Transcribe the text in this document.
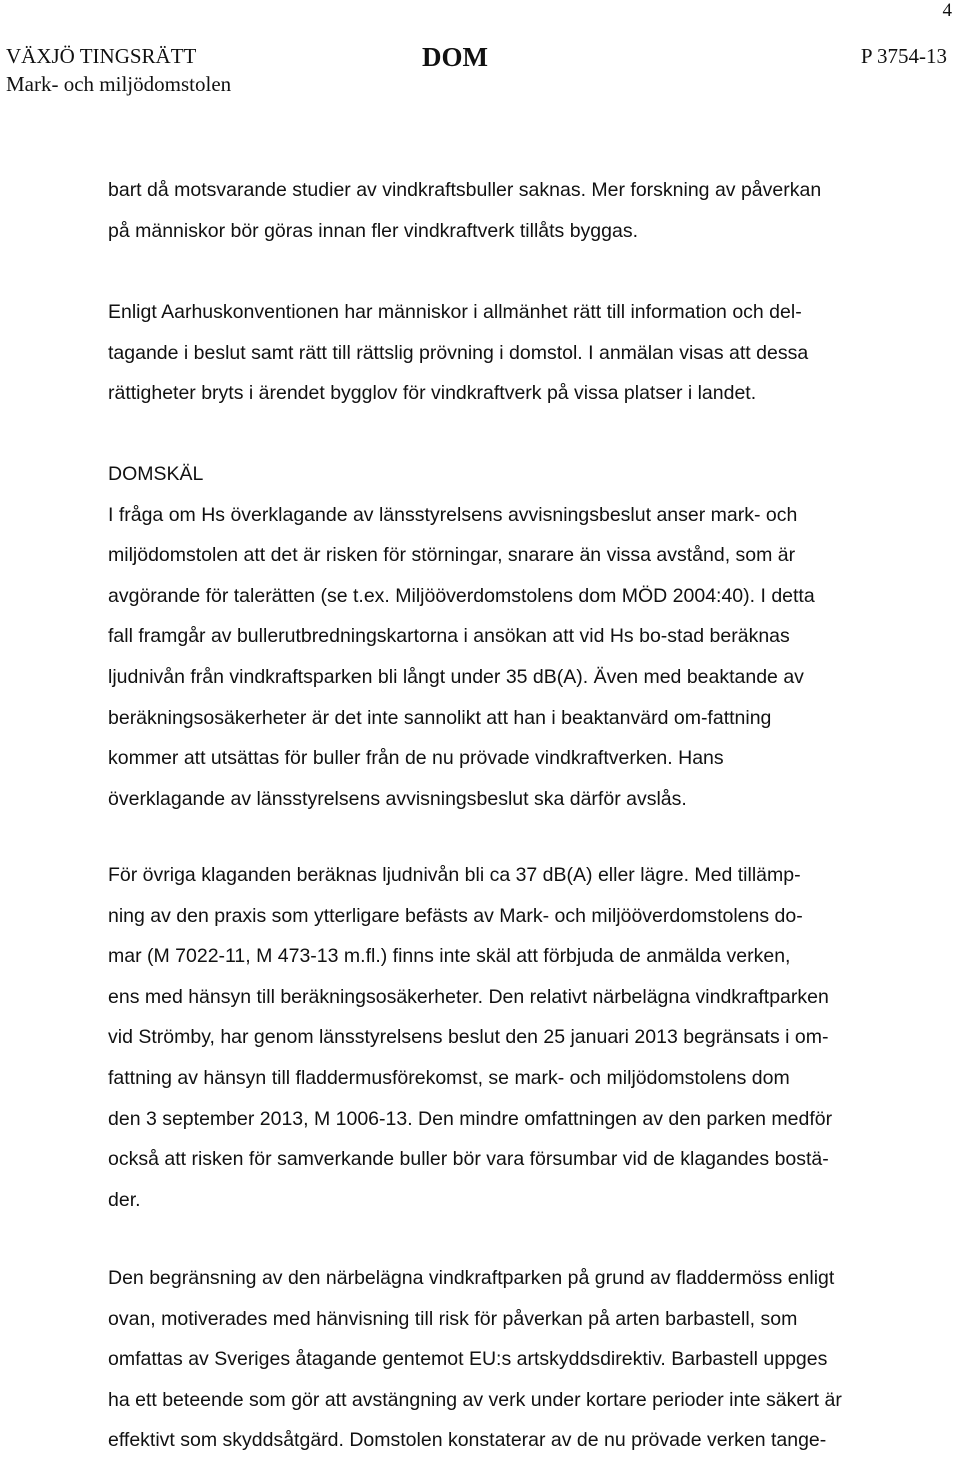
4
VÄXJÖ TINGSRÄTT
Mark- och miljödomstolen
DOM	P 3754-13

bart då motsvarande studier av vindkraftsbuller saknas. Mer forskning av påverkan

på människor bör göras innan fler vindkraftverk tillåts byggas.

Enligt Aarhuskonventionen har människor i allmänhet rätt till information och del-

tagande i beslut samt rätt till rättslig prövning i domstol. I anmälan visas att dessa

rättigheter bryts i ärendet bygglov för vindkraftverk på vissa platser i landet.

DOMSKÄL

I fråga om Hs överklagande av länsstyrelsens avvisningsbeslut anser mark- och

miljödomstolen att det är risken för störningar, snarare än vissa avstånd, som är

avgörande för talerätten (se t.ex. Miljööverdomstolens dom MÖD 2004:40). I detta

fall framgår av bullerutbredningskartorna i ansökan att vid Hs bo-stad beräknas

ljudnivån från vindkraftsparken bli långt under 35 dB(A). Även med beaktande av

beräkningsosäkerheter är det inte sannolikt att han i beaktanvärd om-fattning

kommer att utsättas för buller från de nu prövade vindkraftverken. Hans

överklagande av länsstyrelsens avvisningsbeslut ska därför avslås.

För övriga klaganden beräknas ljudnivån bli ca 37 dB(A) eller lägre. Med tillämp-

ning av den praxis som ytterligare befästs av Mark- och miljööverdomstolens do-

mar (M 7022-11, M 473-13 m.fl.) finns inte skäl att förbjuda de anmälda verken,

ens med hänsyn till beräkningsosäkerheter. Den relativt närbelägna vindkraftparken

vid Strömby, har genom länsstyrelsens beslut den 25 januari 2013 begränsats i om-

fattning av hänsyn till fladdermusförekomst, se mark- och miljödomstolens dom

den 3 september 2013, M 1006-13. Den mindre omfattningen av den parken medför

också att risken för samverkande buller bör vara försumbar vid de klagandes bostä-

der.

Den begränsning av den närbelägna vindkraftparken på grund av fladdermöss enligt

ovan, motiverades med hänvisning till risk för påverkan på arten barbastell, som

omfattas av Sveriges åtagande gentemot EU:s artskyddsdirektiv. Barbastell uppges

ha ett beteende som gör att avstängning av verk under kortare perioder inte säkert är

effektivt som skyddsåtgärd. Domstolen konstaterar av de nu prövade verken tange-
